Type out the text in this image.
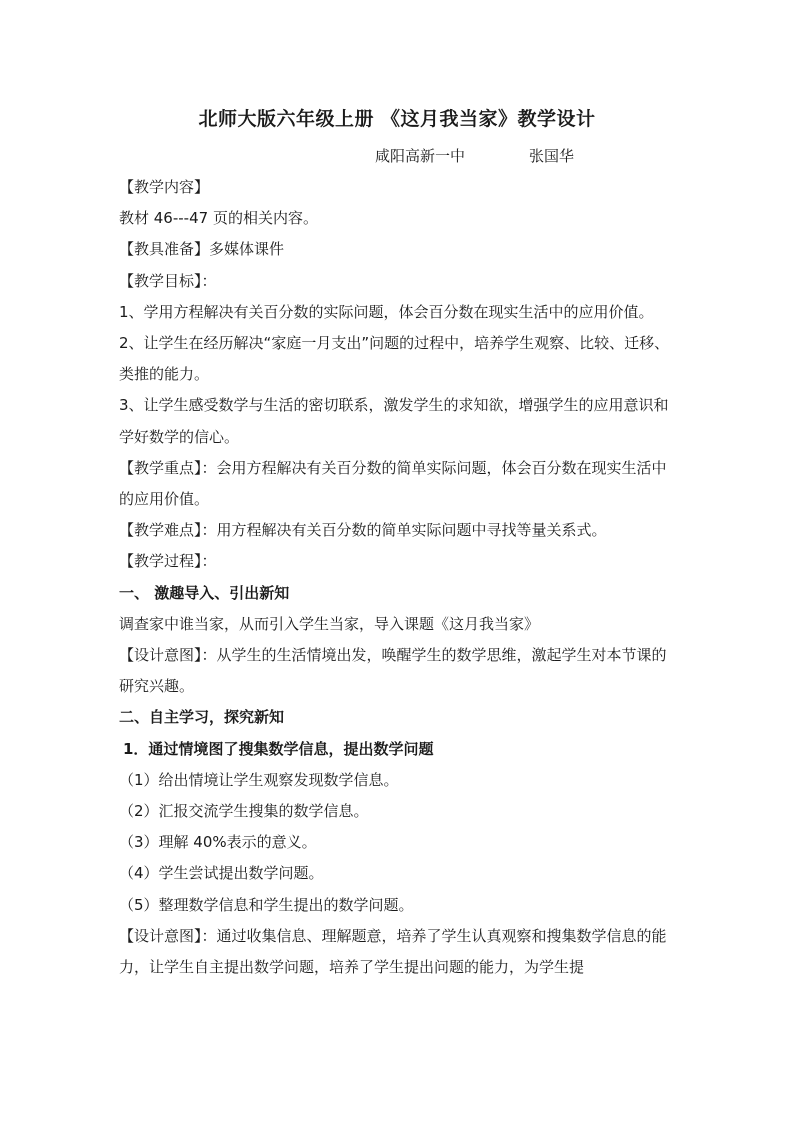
北师大版六年级上册 《这月我当家》教学设计
咸阳高新一中	张国华

【教学内容】

教材 46---47 页的相关内容。

【教具准备】多媒体课件

【教学目标】：

1、学用方程解决有关百分数的实际问题，体会百分数在现实生活中的应用价值。

2、让学生在经历解决“家庭一月支出”问题的过程中，培养学生观察、比较、迁移、类推的能力。

3、让学生感受数学与生活的密切联系，激发学生的求知欲，增强学生的应用意识和学好数学的信心。

【教学重点】：会用方程解决有关百分数的简单实际问题，体会百分数在现实生活中的应用价值。

【教学难点】：用方程解决有关百分数的简单实际问题中寻找等量关系式。

【教学过程】：

一、 激趣导入、引出新知

调查家中谁当家，从而引入学生当家，导入课题《这月我当家》

【设计意图】：从学生的生活情境出发，唤醒学生的数学思维，激起学生对本节课的研究兴趣。

二、自主学习，探究新知

1．通过情境图了搜集数学信息，提出数学问题

（1）给出情境让学生观察发现数学信息。

（2）汇报交流学生搜集的数学信息。

（3）理解 40%表示的意义。

（4）学生尝试提出数学问题。

（5）整理数学信息和学生提出的数学问题。

【设计意图】：通过收集信息、理解题意，培养了学生认真观察和搜集数学信息的能力，让学生自主提出数学问题，培养了学生提出问题的能力，为学生提
